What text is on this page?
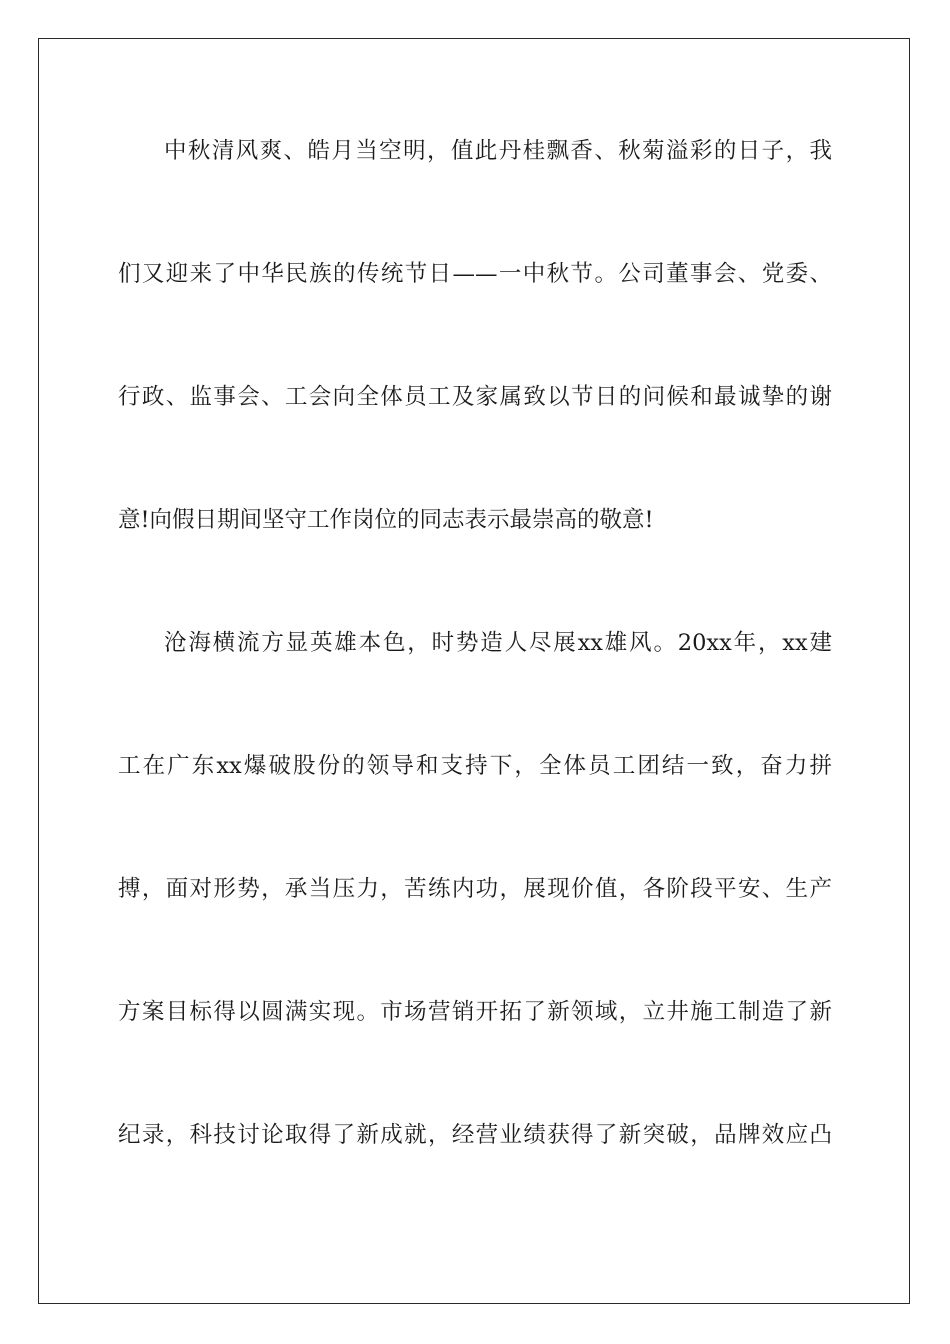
中秋清风爽、皓月当空明，值此丹桂飘香、秋菊溢彩的日子，我
们又迎来了中华民族的传统节日——一中秋节。公司董事会、党委、
行政、监事会、工会向全体员工及家属致以节日的问候和最诚挚的谢
意!向假日期间坚守工作岗位的同志表示最崇高的敬意!
沧海横流方显英雄本色，时势造人尽展xx雄风。20xx年，xx建
工在广东xx爆破股份的领导和支持下，全体员工团结一致，奋力拼
搏，面对形势，承当压力，苦练内功，展现价值，各阶段平安、生产
方案目标得以圆满实现。市场营销开拓了新领域，立井施工制造了新
纪录，科技讨论取得了新成就，经营业绩获得了新突破，品牌效应凸
